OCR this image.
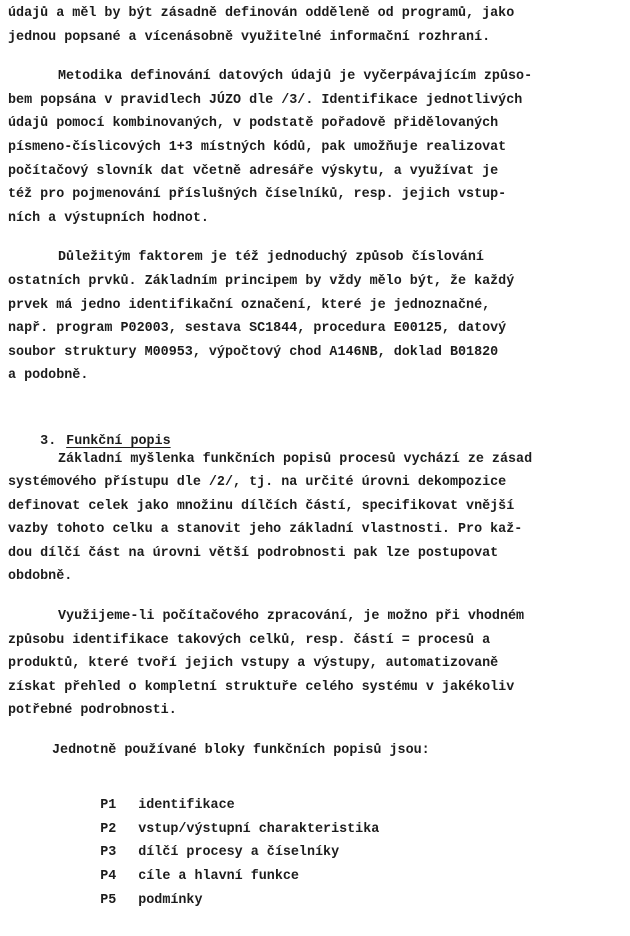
údajů a měl by být zásadně definován odděleně od programů, jako
jednou popsané a vícenásobně využitelné informační rozhraní.
Metodika definování datových údajů je vyčerpávajícím způso-
bem popsána v pravidlech JÚZO dle /3/. Identifikace jednotlivých
údajů pomocí kombinovaných, v podstatě pořadově přidělovaných
písmeno-číslicových 1+3 místných kódů, pak umožňuje realizovat
počítačový slovník dat včetně adresáře výskytu, a využívat je
též pro pojmenování příslušných číselníků, resp. jejich vstup-
ních a výstupních hodnot.
Důležitým faktorem je též jednoduchý způsob číslování
ostatních prvků. Základním principem by vždy mělo být, že každý
prvek má jedno identifikační označení, které je jednoznačné,
např. program P02003, sestava SC1844, procedura E00125, datový
soubor struktury M00953, výpočtový chod A146NB, doklad B01820
a podobně.

3. Funkční popis

Základní myšlenka funkčních popisů procesů vychází ze zásad
systémového přístupu dle /2/, tj. na určité úrovni dekompozice
definovat celek jako množinu dílčích částí, specifikovat vnější
vazby tohoto celku a stanovit jeho základní vlastnosti. Pro kaž-
dou dílčí část na úrovni větší podrobnosti pak lze postupovat
obdobně.
Využijeme-li počítačového zpracování, je možno při vhodném
způsobu identifikace takových celků, resp. částí = procesů a
produktů, které tvoří jejich vstupy a výstupy, automatizovaně
získat přehled o kompletní struktuře celého systému v jakékoliv
potřebné podrobnosti.
Jednotně používané bloky funkčních popisů jsou:

P1 identifikace

P2 vstup/výstupní charakteristika

P3 dílčí procesy a číselníky

P4 cíle a hlavní funkce

P5 podmínky
